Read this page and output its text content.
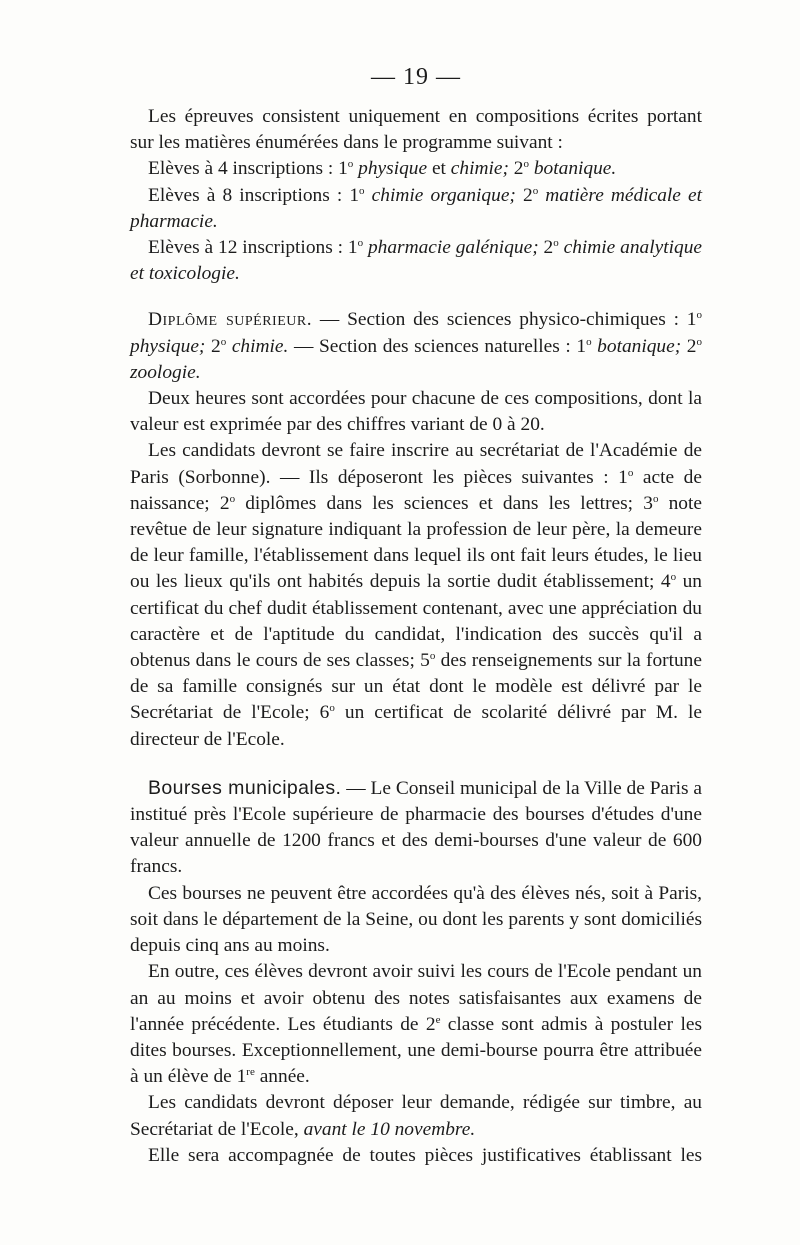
— 19 —

Les épreuves consistent uniquement en compositions écrites portant sur les matières énumérées dans le programme suivant :

Elèves à 4 inscriptions : 1$^o$ physique et chimie; 2$^o$ botanique.

Elèves à 8 inscriptions : 1$^o$ chimie organique; 2$^o$ matière médicale et pharmacie.

Elèves à 12 inscriptions : 1$^o$ pharmacie galénique; 2$^o$ chimie analytique et toxicologie.

Diplôme supérieur. — Section des sciences physico-chimiques : 1$^o$ physique; 2$^o$ chimie. — Section des sciences naturelles : 1$^o$ botanique; 2$^o$ zoologie.

Deux heures sont accordées pour chacune de ces compositions, dont la valeur est exprimée par des chiffres variant de 0 à 20.

Les candidats devront se faire inscrire au secrétariat de l'Académie de Paris (Sorbonne). — Ils déposeront les pièces suivantes : 1$^o$ acte de naissance; 2$^o$ diplômes dans les sciences et dans les lettres; 3$^o$ note revêtue de leur signature indiquant la profession de leur père, la demeure de leur famille, l'établissement dans lequel ils ont fait leurs études, le lieu ou les lieux qu'ils ont habités depuis la sortie dudit établissement; 4$^o$ un certificat du chef dudit établissement contenant, avec une appréciation du caractère et de l'aptitude du candidat, l'indication des succès qu'il a obtenus dans le cours de ses classes; 5$^o$ des renseignements sur la fortune de sa famille consignés sur un état dont le modèle est délivré par le Secrétariat de l'Ecole; 6$^o$ un certificat de scolarité délivré par M. le directeur de l'Ecole.

Bourses municipales. — Le Conseil municipal de la Ville de Paris a institué près l'Ecole supérieure de pharmacie des bourses d'études d'une valeur annuelle de 1200 francs et des demi-bourses d'une valeur de 600 francs.

Ces bourses ne peuvent être accordées qu'à des élèves nés, soit à Paris, soit dans le département de la Seine, ou dont les parents y sont domiciliés depuis cinq ans au moins.

En outre, ces élèves devront avoir suivi les cours de l'Ecole pendant un an au moins et avoir obtenu des notes satisfaisantes aux examens de l'année précédente. Les étudiants de 2e classe sont admis à postuler les dites bourses. Exceptionnellement, une demi-bourse pourra être attribuée à un élève de 1re année.

Les candidats devront déposer leur demande, rédigée sur timbre, au Secrétariat de l'Ecole, avant le 10 novembre.

Elle sera accompagnée de toutes pièces justificatives établissant les
